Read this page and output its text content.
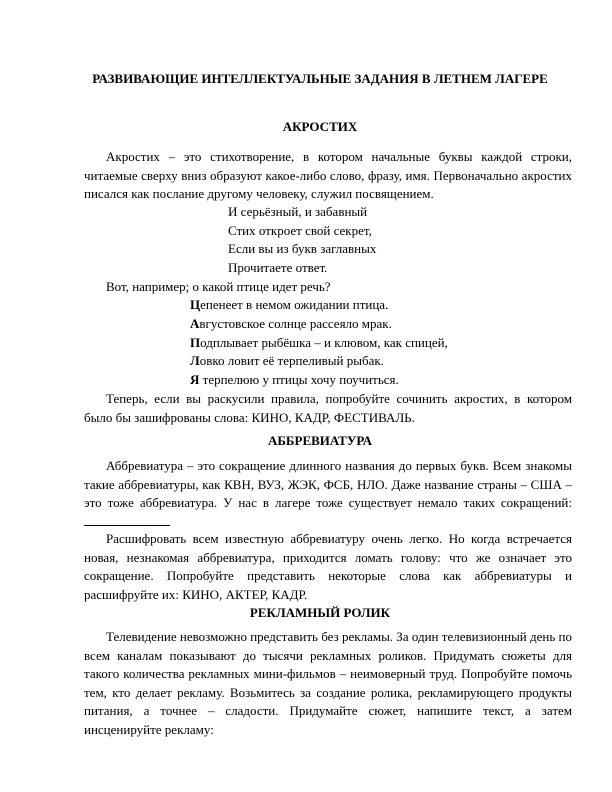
РАЗВИВАЮЩИЕ ИНТЕЛЛЕКТУАЛЬНЫЕ ЗАДАНИЯ В ЛЕТНЕМ ЛАГЕРЕ
АКРОСТИХ
Акростих – это стихотворение, в котором начальные буквы каждой строки, читаемые сверху вниз образуют какое-либо слово, фразу, имя. Первоначально акростих писался как послание другому человеку, служил посвящением.
И серьёзный, и забавный
Стих откроет свой секрет,
Если вы из букв заглавных
Прочитаете ответ.
Вот, например; о какой птице идет речь?
Цепенеет в немом ожидании птица.
Августовское солнце рассеяло мрак.
Подплывает рыбёшка – и клювом, как спицей,
Ловко ловит её терпеливый рыбак.
Я терпелюю у птицы хочу поучиться.
Теперь, если вы раскусили правила, попробуйте сочинить акростих, в котором было бы зашифрованы слова: КИНО, КАДР, ФЕСТИВАЛЬ.
АББРЕВИАТУРА
Аббревиатура – это сокращение длинного названия до первых букв. Всем знакомы такие аббревиатуры, как КВН, ВУЗ, ЖЭК, ФСБ, НЛО. Даже название страны – США – это тоже аббревиатура. У нас в лагере тоже существует немало таких сокращений:
Расшифровать всем известную аббревиатуру очень легко. Но когда встречается новая, незнакомая аббревиатура, приходится ломать голову: что же означает это сокращение. Попробуйте представить некоторые слова как аббревиатуры и расшифруйте их: КИНО, АКТЕР, КАДР.
РЕКЛАМНЫЙ РОЛИК
Телевидение невозможно представить без рекламы. За один телевизионный день по всем каналам показывают до тысячи рекламных роликов. Придумать сюжеты для такого количества рекламных мини-фильмов – неимоверный труд. Попробуйте помочь тем, кто делает рекламу. Возьмитесь за создание ролика, рекламирующего продукты питания, а точнее – сладости. Придумайте сюжет, напишите текст, а затем инсценируйте рекламу:
